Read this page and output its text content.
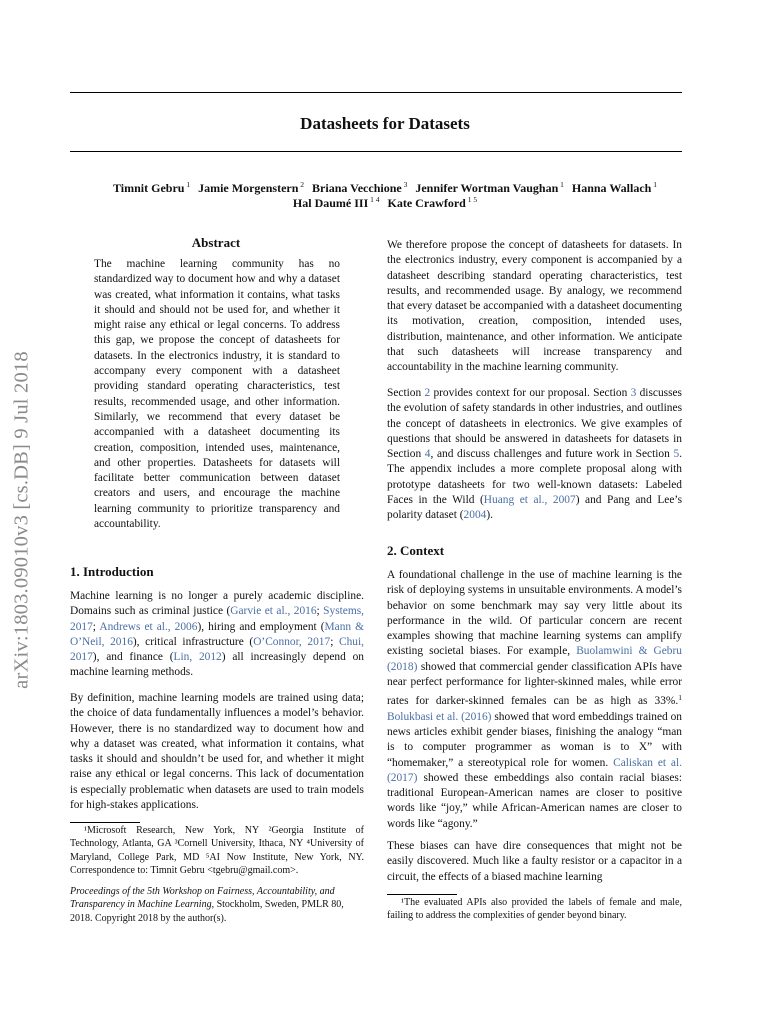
Datasheets for Datasets
Timnit Gebru $^1$ Jamie Morgenstern $^2$ Briana Vecchione $^3$ Jennifer Wortman Vaughan $^1$ Hanna Wallach $^1$
Hal Daumé III $^{1 4}$ Kate Crawford $^{1 5}$
arXiv:1803.09010v3 [cs.DB] 9 Jul 2018
Abstract
The machine learning community has no standardized way to document how and why a dataset was created, what information it contains, what tasks it should and should not be used for, and whether it might raise any ethical or legal concerns. To address this gap, we propose the concept of datasheets for datasets. In the electronics industry, it is standard to accompany every component with a datasheet providing standard operating characteristics, test results, recommended usage, and other information. Similarly, we recommend that every dataset be accompanied with a datasheet documenting its creation, composition, intended uses, maintenance, and other properties. Datasheets for datasets will facilitate better communication between dataset creators and users, and encourage the machine learning community to prioritize transparency and accountability.
1. Introduction
Machine learning is no longer a purely academic discipline. Domains such as criminal justice (Garvie et al., 2016; Systems, 2017; Andrews et al., 2006), hiring and employment (Mann & O’Neil, 2016), critical infrastructure (O’Connor, 2017; Chui, 2017), and finance (Lin, 2012) all increasingly depend on machine learning methods.
By definition, machine learning models are trained using data; the choice of data fundamentally influences a model’s behavior. However, there is no standardized way to document how and why a dataset was created, what information it contains, what tasks it should and shouldn’t be used for, and whether it might raise any ethical or legal concerns. This lack of documentation is especially problematic when datasets are used to train models for high-stakes applications.
¹Microsoft Research, New York, NY ²Georgia Institute of Technology, Atlanta, GA ³Cornell University, Ithaca, NY ⁴University of Maryland, College Park, MD ⁵AI Now Institute, New York, NY. Correspondence to: Timnit Gebru <tgebru@gmail.com>.
Proceedings of the 5th Workshop on Fairness, Accountability, and Transparency in Machine Learning, Stockholm, Sweden, PMLR 80, 2018. Copyright 2018 by the author(s).
We therefore propose the concept of datasheets for datasets. In the electronics industry, every component is accompanied by a datasheet describing standard operating characteristics, test results, and recommended usage. By analogy, we recommend that every dataset be accompanied with a datasheet documenting its motivation, creation, composition, intended uses, distribution, maintenance, and other information. We anticipate that such datasheets will increase transparency and accountability in the machine learning community.
Section 2 provides context for our proposal. Section 3 discusses the evolution of safety standards in other industries, and outlines the concept of datasheets in electronics. We give examples of questions that should be answered in datasheets for datasets in Section 4, and discuss challenges and future work in Section 5. The appendix includes a more complete proposal along with prototype datasheets for two well-known datasets: Labeled Faces in the Wild (Huang et al., 2007) and Pang and Lee’s polarity dataset (2004).
2. Context
A foundational challenge in the use of machine learning is the risk of deploying systems in unsuitable environments. A model’s behavior on some benchmark may say very little about its performance in the wild. Of particular concern are recent examples showing that machine learning systems can amplify existing societal biases. For example, Buolamwini & Gebru (2018) showed that commercial gender classification APIs have near perfect performance for lighter-skinned males, while error rates for darker-skinned females can be as high as 33%.$^1$ Bolukbasi et al. (2016) showed that word embeddings trained on news articles exhibit gender biases, finishing the analogy “man is to computer programmer as woman is to X” with “homemaker,” a stereotypical role for women. Caliskan et al. (2017) showed these embeddings also contain racial biases: traditional European-American names are closer to positive words like “joy,” while African-American names are closer to words like “agony.”
These biases can have dire consequences that might not be easily discovered. Much like a faulty resistor or a capacitor in a circuit, the effects of a biased machine learning
¹The evaluated APIs also provided the labels of female and male, failing to address the complexities of gender beyond binary.
